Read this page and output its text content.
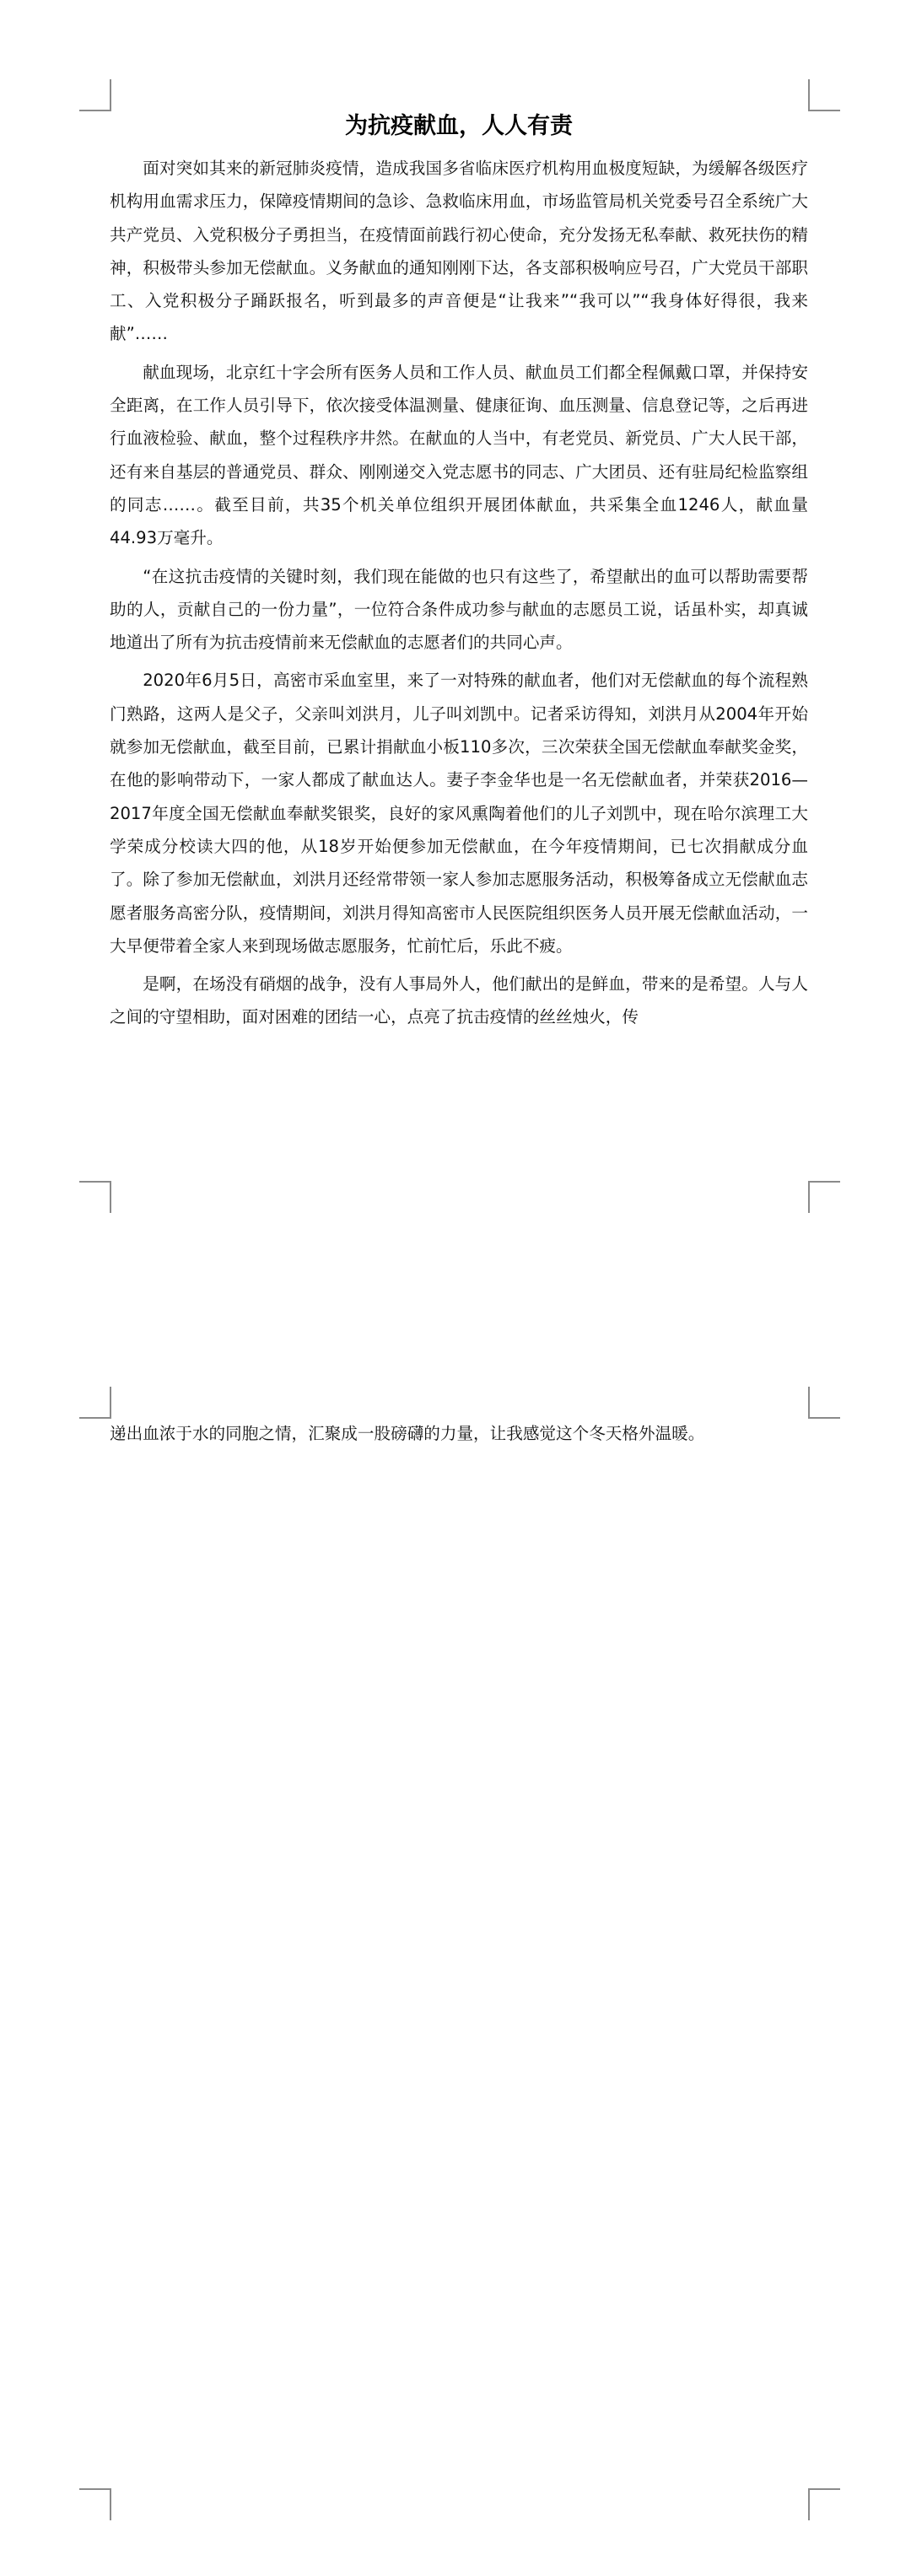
为抗疫献血，人人有责

面对突如其来的新冠肺炎疫情，造成我国多省临床医疗机构用血极度短缺，为缓解各级医疗机构用血需求压力，保障疫情期间的急诊、急救临床用血，市场监管局机关党委号召全系统广大共产党员、入党积极分子勇担当，在疫情面前践行初心使命，充分发扬无私奉献、救死扶伤的精神，积极带头参加无偿献血。义务献血的通知刚刚下达，各支部积极响应号召，广大党员干部职工、入党积极分子踊跃报名，听到最多的声音便是“让我来”“我可以”“我身体好得很，我来献”……

献血现场，北京红十字会所有医务人员和工作人员、献血员工们都全程佩戴口罩，并保持安全距离，在工作人员引导下，依次接受体温测量、健康征询、血压测量、信息登记等，之后再进行血液检验、献血，整个过程秩序井然。在献血的人当中，有老党员、新党员、广大人民干部，还有来自基层的普通党员、群众、刚刚递交入党志愿书的同志、广大团员、还有驻局纪检监察组的同志……。截至目前，共35个机关单位组织开展团体献血，共采集全血1246人，献血量44.93万毫升。

“在这抗击疫情的关键时刻，我们现在能做的也只有这些了，希望献出的血可以帮助需要帮助的人，贡献自己的一份力量”，一位符合条件成功参与献血的志愿员工说，话虽朴实，却真诚地道出了所有为抗击疫情前来无偿献血的志愿者们的共同心声。

2020年6月5日，高密市采血室里，来了一对特殊的献血者，他们对无偿献血的每个流程熟门熟路，这两人是父子，父亲叫刘洪月，儿子叫刘凯中。记者采访得知，刘洪月从2004年开始就参加无偿献血，截至目前，已累计捐献血小板110多次，三次荣获全国无偿献血奉献奖金奖，在他的影响带动下，一家人都成了献血达人。妻子李金华也是一名无偿献血者，并荣获2016—2017年度全国无偿献血奉献奖银奖，良好的家风熏陶着他们的儿子刘凯中，现在哈尔滨理工大学荣成分校读大四的他，从18岁开始便参加无偿献血，在今年疫情期间，已七次捐献成分血了。除了参加无偿献血，刘洪月还经常带领一家人参加志愿服务活动，积极筹备成立无偿献血志愿者服务高密分队，疫情期间，刘洪月得知高密市人民医院组织医务人员开展无偿献血活动，一大早便带着全家人来到现场做志愿服务，忙前忙后，乐此不疲。

是啊，在场没有硝烟的战争，没有人事局外人，他们献出的是鲜血，带来的是希望。人与人之间的守望相助，面对困难的团结一心，点亮了抗击疫情的丝丝烛火，传

递出血浓于水的同胞之情，汇聚成一股磅礴的力量，让我感觉这个冬天格外温暖。
